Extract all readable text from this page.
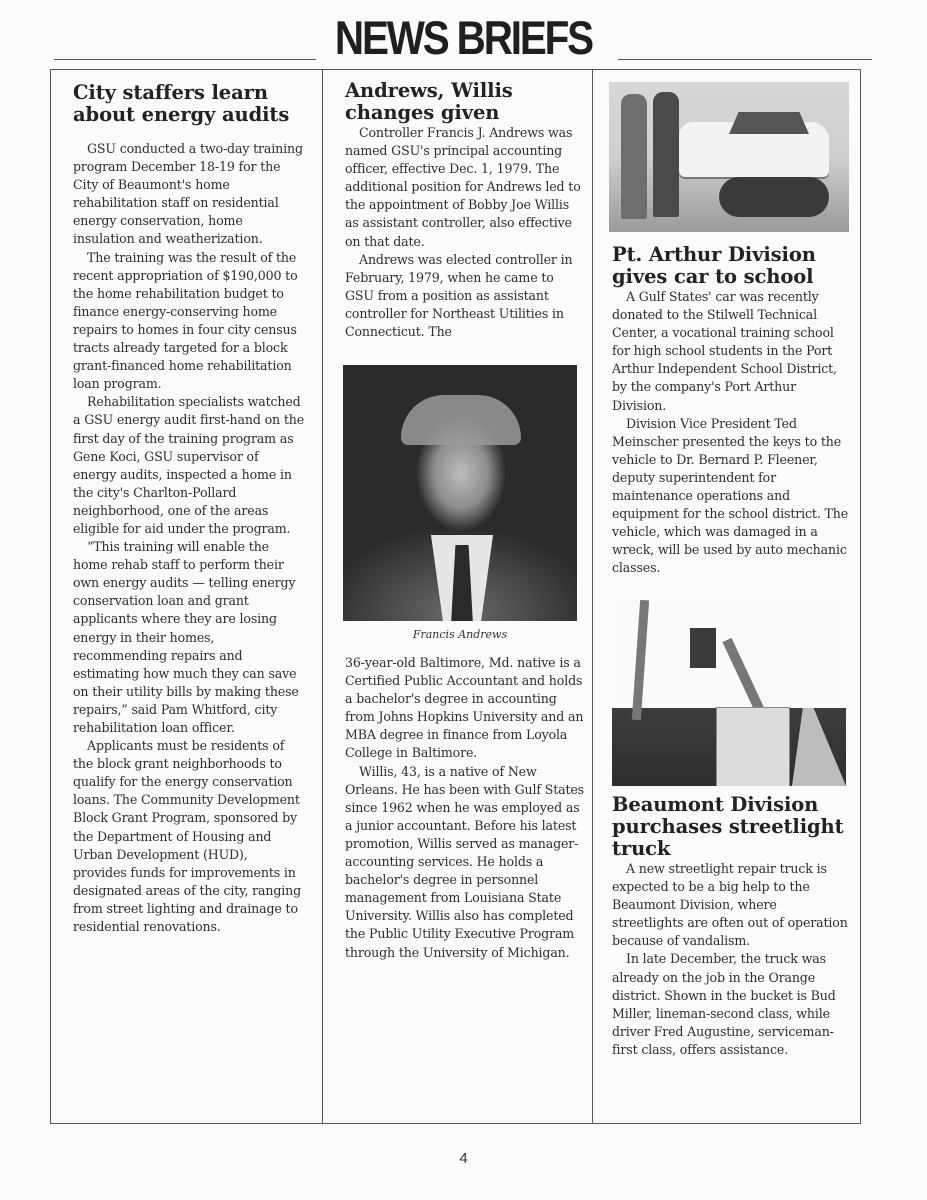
NEWS BRIEFS
City staffers learn about energy audits

GSU conducted a two-day training program December 18-19 for the City of Beaumont's home rehabilitation staff on residential energy conservation, home insulation and weatherization.

The training was the result of the recent appropriation of $190,000 to the home rehabilitation budget to finance energy-conserving home repairs to homes in four city census tracts already targeted for a block grant-financed home rehabilitation loan program.

Rehabilitation specialists watched a GSU energy audit first-hand on the first day of the training program as Gene Koci, GSU supervisor of energy audits, inspected a home in the city's Charlton-Pollard neighborhood, one of the areas eligible for aid under the program.

“This training will enable the home rehab staff to perform their own energy audits — telling energy conservation loan and grant applicants where they are losing energy in their homes, recommending repairs and estimating how much they can save on their utility bills by making these repairs,” said Pam Whitford, city rehabilitation loan officer.

Applicants must be residents of the block grant neighborhoods to qualify for the energy conservation loans. The Community Development Block Grant Program, sponsored by the Department of Housing and Urban Development (HUD), provides funds for improvements in designated areas of the city, ranging from street lighting and drainage to residential renovations.

Andrews, Willis changes given

Controller Francis J. Andrews was named GSU's principal accounting officer, effective Dec. 1, 1979. The additional position for Andrews led to the appointment of Bobby Joe Willis as assistant controller, also effective on that date.

Andrews was elected controller in February, 1979, when he came to GSU from a position as assistant controller for Northeast Utilities in Connecticut. The

Francis Andrews

36-year-old Baltimore, Md. native is a Certified Public Accountant and holds a bachelor's degree in accounting from Johns Hopkins University and an MBA degree in finance from Loyola College in Baltimore.

Willis, 43, is a native of New Orleans. He has been with Gulf States since 1962 when he was employed as a junior accountant. Before his latest promotion, Willis served as manager-accounting services. He holds a bachelor's degree in personnel management from Louisiana State University. Willis also has completed the Public Utility Executive Program through the University of Michigan.

Pt. Arthur Division gives car to school

A Gulf States' car was recently donated to the Stilwell Technical Center, a vocational training school for high school students in the Port Arthur Independent School District, by the company's Port Arthur Division.

Division Vice President Ted Meinscher presented the keys to the vehicle to Dr. Bernard P. Fleener, deputy superintendent for maintenance operations and equipment for the school district. The vehicle, which was damaged in a wreck, will be used by auto mechanic classes.

Beaumont Division purchases streetlight truck

A new streetlight repair truck is expected to be a big help to the Beaumont Division, where streetlights are often out of operation because of vandalism.

In late December, the truck was already on the job in the Orange district. Shown in the bucket is Bud Miller, lineman-second class, while driver Fred Augustine, serviceman-first class, offers assistance.

4
